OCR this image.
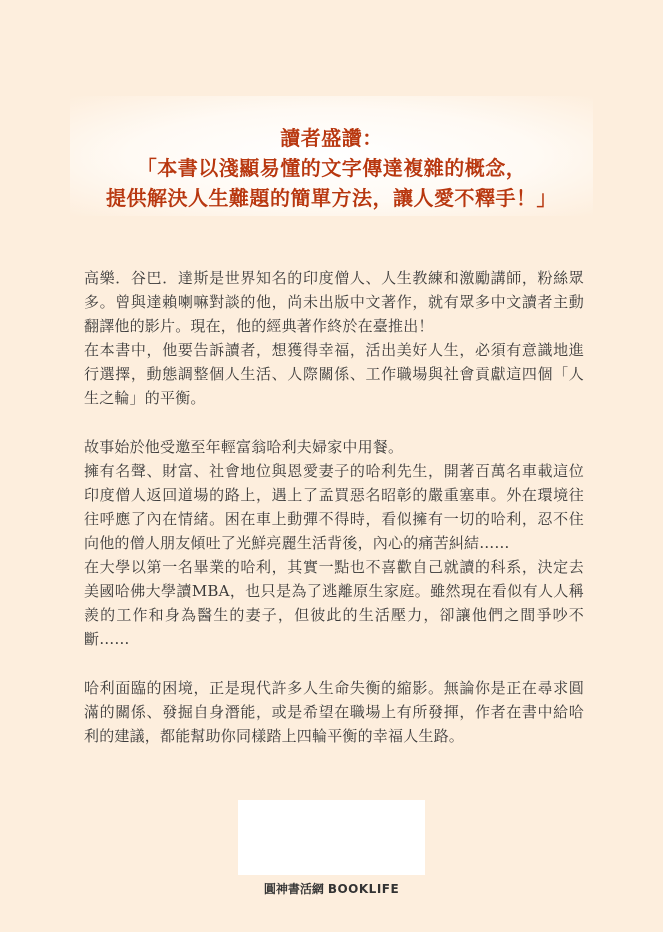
讀者盛讚：
「本書以淺顯易懂的文字傳達複雜的概念，
提供解決人生難題的簡單方法，讓人愛不釋手！」

高樂．谷巴．達斯是世界知名的印度僧人、人生教練和激勵講師，粉絲眾多。曾與達賴喇嘛對談的他，尚未出版中文著作，就有眾多中文讀者主動翻譯他的影片。現在，他的經典著作終於在臺推出！

在本書中，他要告訴讀者，想獲得幸福，活出美好人生，必須有意識地進行選擇，動態調整個人生活、人際關係、工作職場與社會貢獻這四個「人生之輪」的平衡。

故事始於他受邀至年輕富翁哈利夫婦家中用餐。

擁有名聲、財富、社會地位與恩愛妻子的哈利先生，開著百萬名車載這位印度僧人返回道場的路上，遇上了孟買惡名昭彰的嚴重塞車。外在環境往往呼應了內在情緒。困在車上動彈不得時，看似擁有一切的哈利，忍不住向他的僧人朋友傾吐了光鮮亮麗生活背後，內心的痛苦糾結……

在大學以第一名畢業的哈利，其實一點也不喜歡自己就讀的科系，決定去美國哈佛大學讀MBA，也只是為了逃離原生家庭。雖然現在看似有人人稱羨的工作和身為醫生的妻子，但彼此的生活壓力，卻讓他們之間爭吵不斷……

哈利面臨的困境，正是現代許多人生命失衡的縮影。無論你是正在尋求圓滿的關係、發掘自身潛能，或是希望在職場上有所發揮，作者在書中給哈利的建議，都能幫助你同樣踏上四輪平衡的幸福人生路。

圓神書活網 BOOKLIFE
